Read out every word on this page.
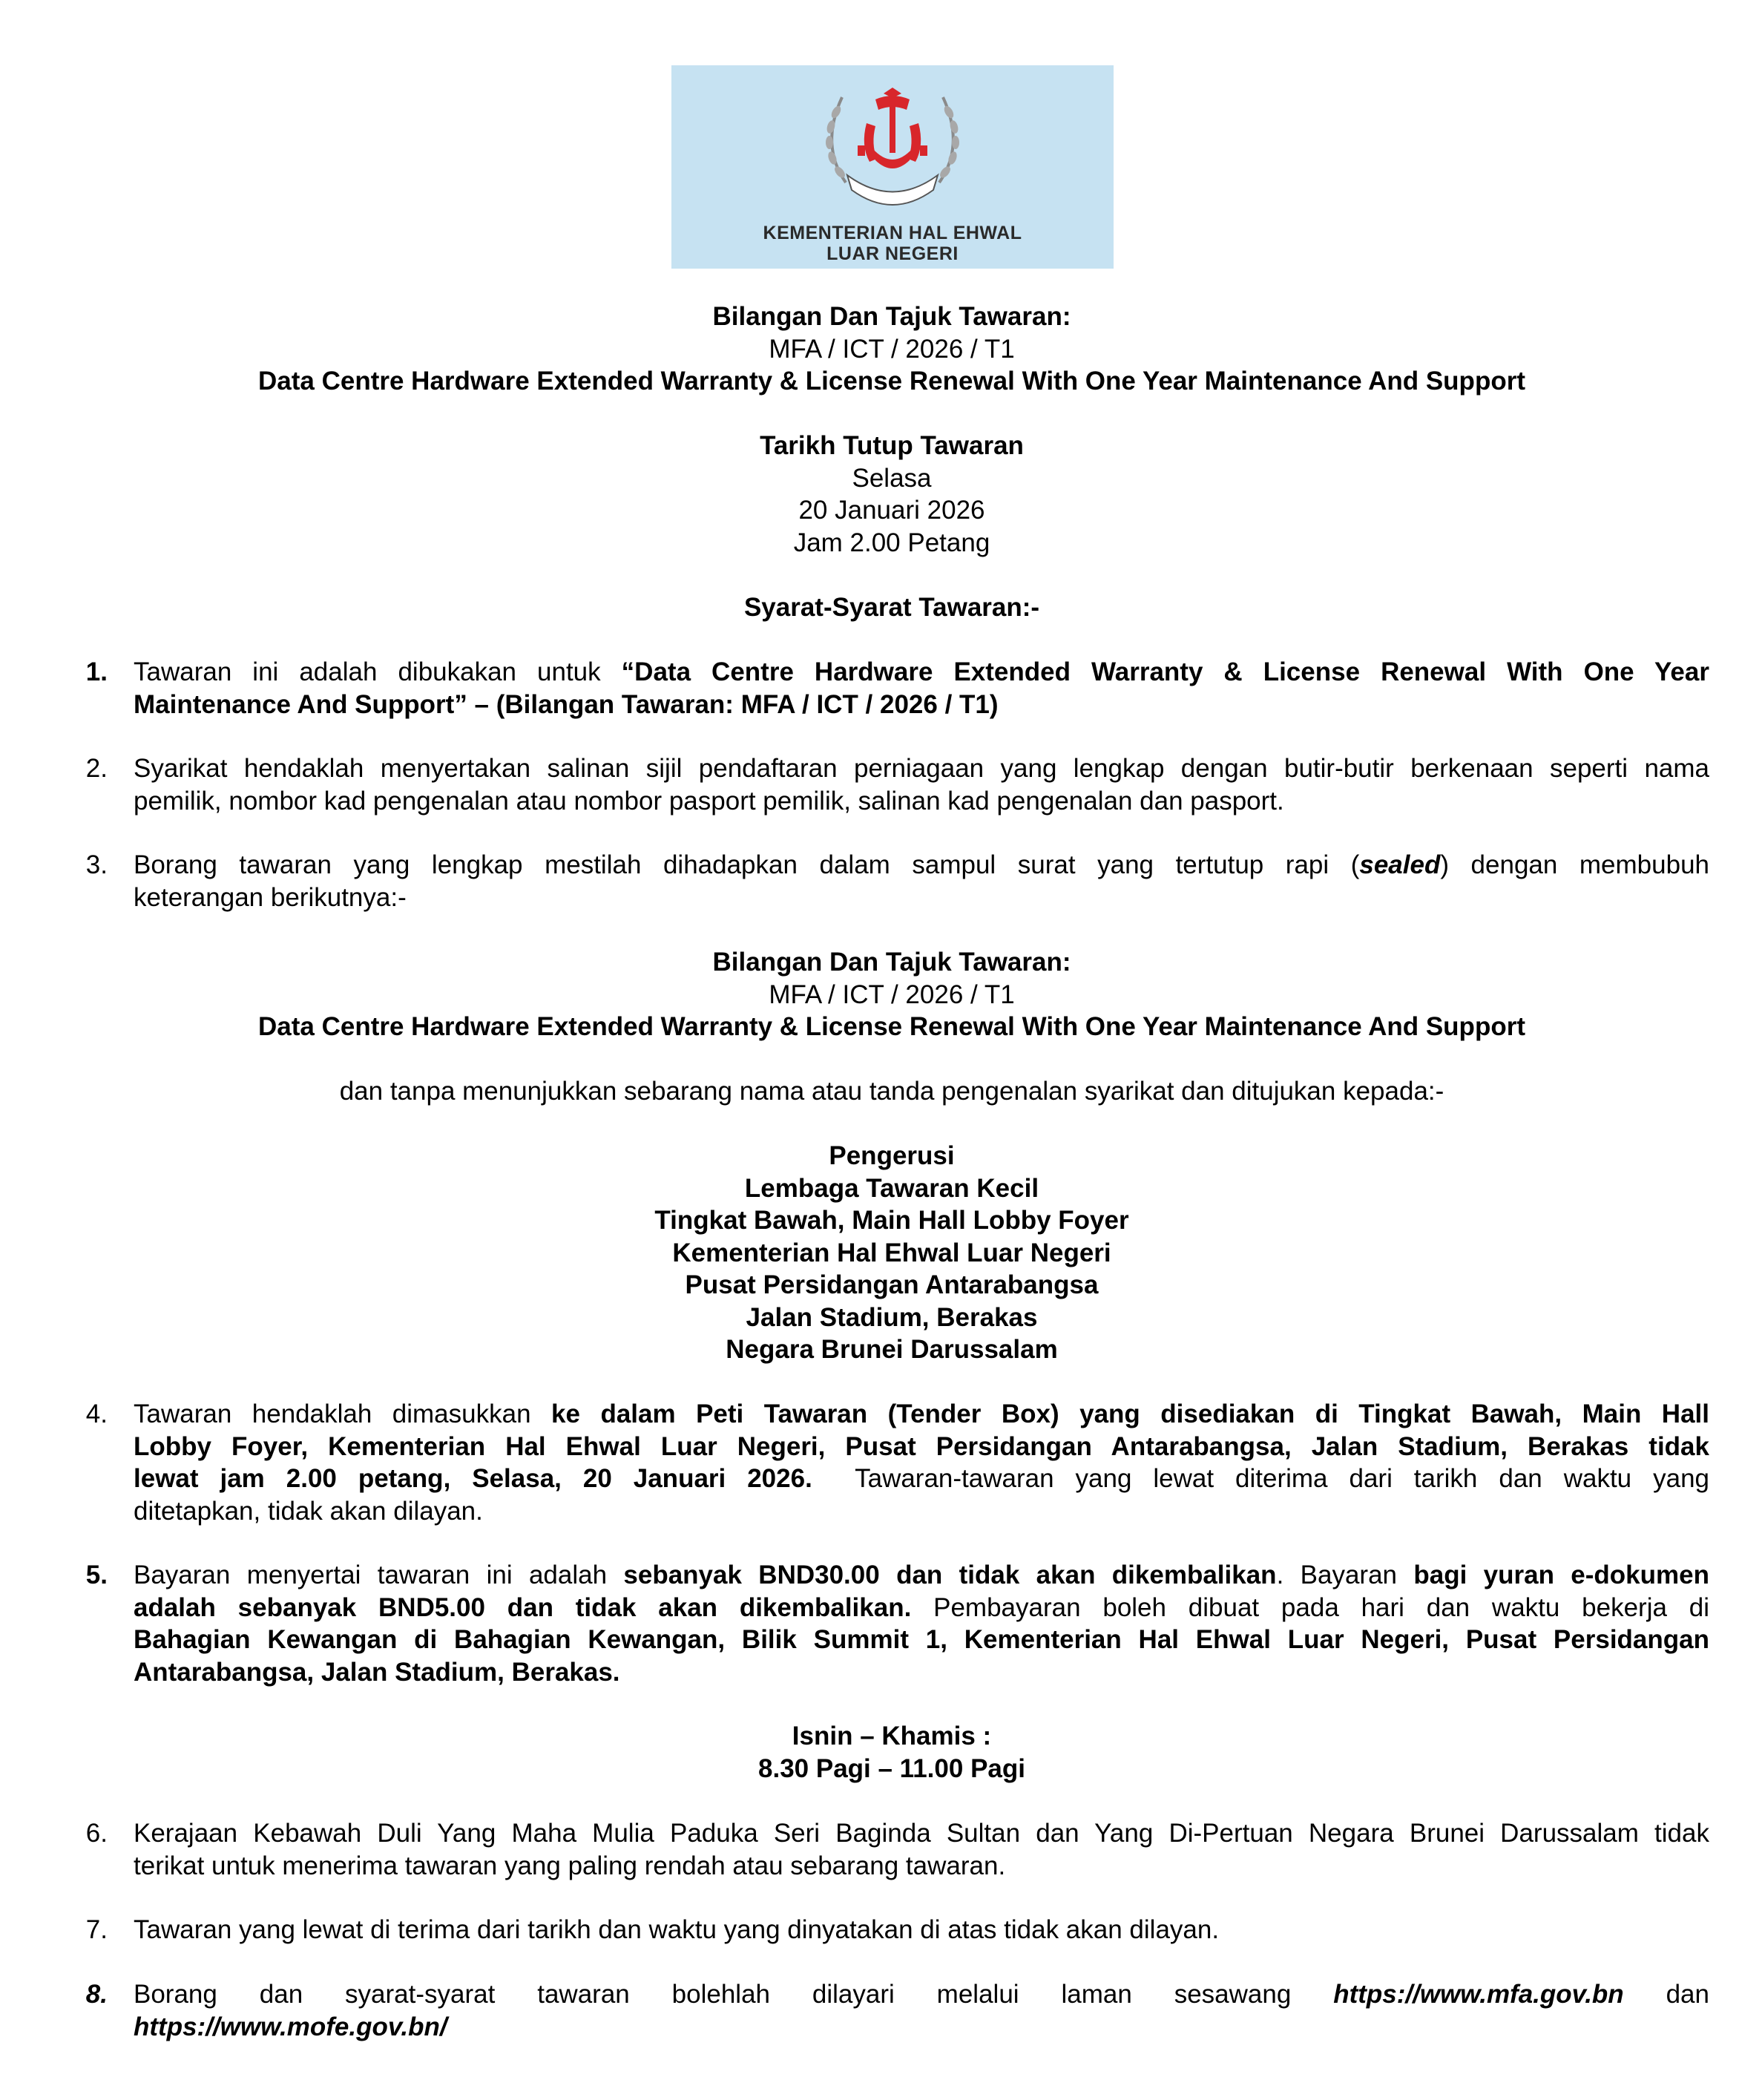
KEMENTERIAN HAL EHWAL
LUAR NEGERI
Bilangan Dan Tajuk Tawaran:
MFA / ICT / 2026 / T1
Data Centre Hardware Extended Warranty & License Renewal With One Year Maintenance And Support
Tarikh Tutup Tawaran
Selasa
20 Januari 2026
Jam 2.00 Petang
Syarat-Syarat Tawaran:-
1. Tawaran ini adalah dibukakan untuk “Data Centre Hardware Extended Warranty & License Renewal With One Year
Maintenance And Support” – (Bilangan Tawaran: MFA / ICT / 2026 / T1)
2. Syarikat hendaklah menyertakan salinan sijil pendaftaran perniagaan yang lengkap dengan butir-butir berkenaan seperti nama
pemilik, nombor kad pengenalan atau nombor pasport pemilik, salinan kad pengenalan dan pasport.
3. Borang tawaran yang lengkap mestilah dihadapkan dalam sampul surat yang tertutup rapi (sealed) dengan membubuh
keterangan berikutnya:-
Bilangan Dan Tajuk Tawaran:
MFA / ICT / 2026 / T1
Data Centre Hardware Extended Warranty & License Renewal With One Year Maintenance And Support
dan tanpa menunjukkan sebarang nama atau tanda pengenalan syarikat dan ditujukan kepada:-
Pengerusi
Lembaga Tawaran Kecil
Tingkat Bawah, Main Hall Lobby Foyer
Kementerian Hal Ehwal Luar Negeri
Pusat Persidangan Antarabangsa
Jalan Stadium, Berakas
Negara Brunei Darussalam
4. Tawaran hendaklah dimasukkan ke dalam Peti Tawaran (Tender Box) yang disediakan di Tingkat Bawah, Main Hall
Lobby Foyer, Kementerian Hal Ehwal Luar Negeri, Pusat Persidangan Antarabangsa, Jalan Stadium, Berakas tidak
lewat jam 2.00 petang, Selasa, 20 Januari 2026.  Tawaran-tawaran yang lewat diterima dari tarikh dan waktu yang
ditetapkan, tidak akan dilayan.
5. Bayaran menyertai tawaran ini adalah sebanyak BND30.00 dan tidak akan dikembalikan. Bayaran bagi yuran e-dokumen
adalah sebanyak BND5.00 dan tidak akan dikembalikan. Pembayaran boleh dibuat pada hari dan waktu bekerja di
Bahagian Kewangan di Bahagian Kewangan, Bilik Summit 1, Kementerian Hal Ehwal Luar Negeri, Pusat Persidangan
Antarabangsa, Jalan Stadium, Berakas.
Isnin – Khamis :
8.30 Pagi – 11.00 Pagi
6. Kerajaan Kebawah Duli Yang Maha Mulia Paduka Seri Baginda Sultan dan Yang Di-Pertuan Negara Brunei Darussalam tidak
terikat untuk menerima tawaran yang paling rendah atau sebarang tawaran.
7. Tawaran yang lewat di terima dari tarikh dan waktu yang dinyatakan di atas tidak akan dilayan.
8. Borang dan syarat-syarat tawaran bolehlah dilayari melalui laman sesawang https://www.mfa.gov.bn dan
https://www.mofe.gov.bn/
